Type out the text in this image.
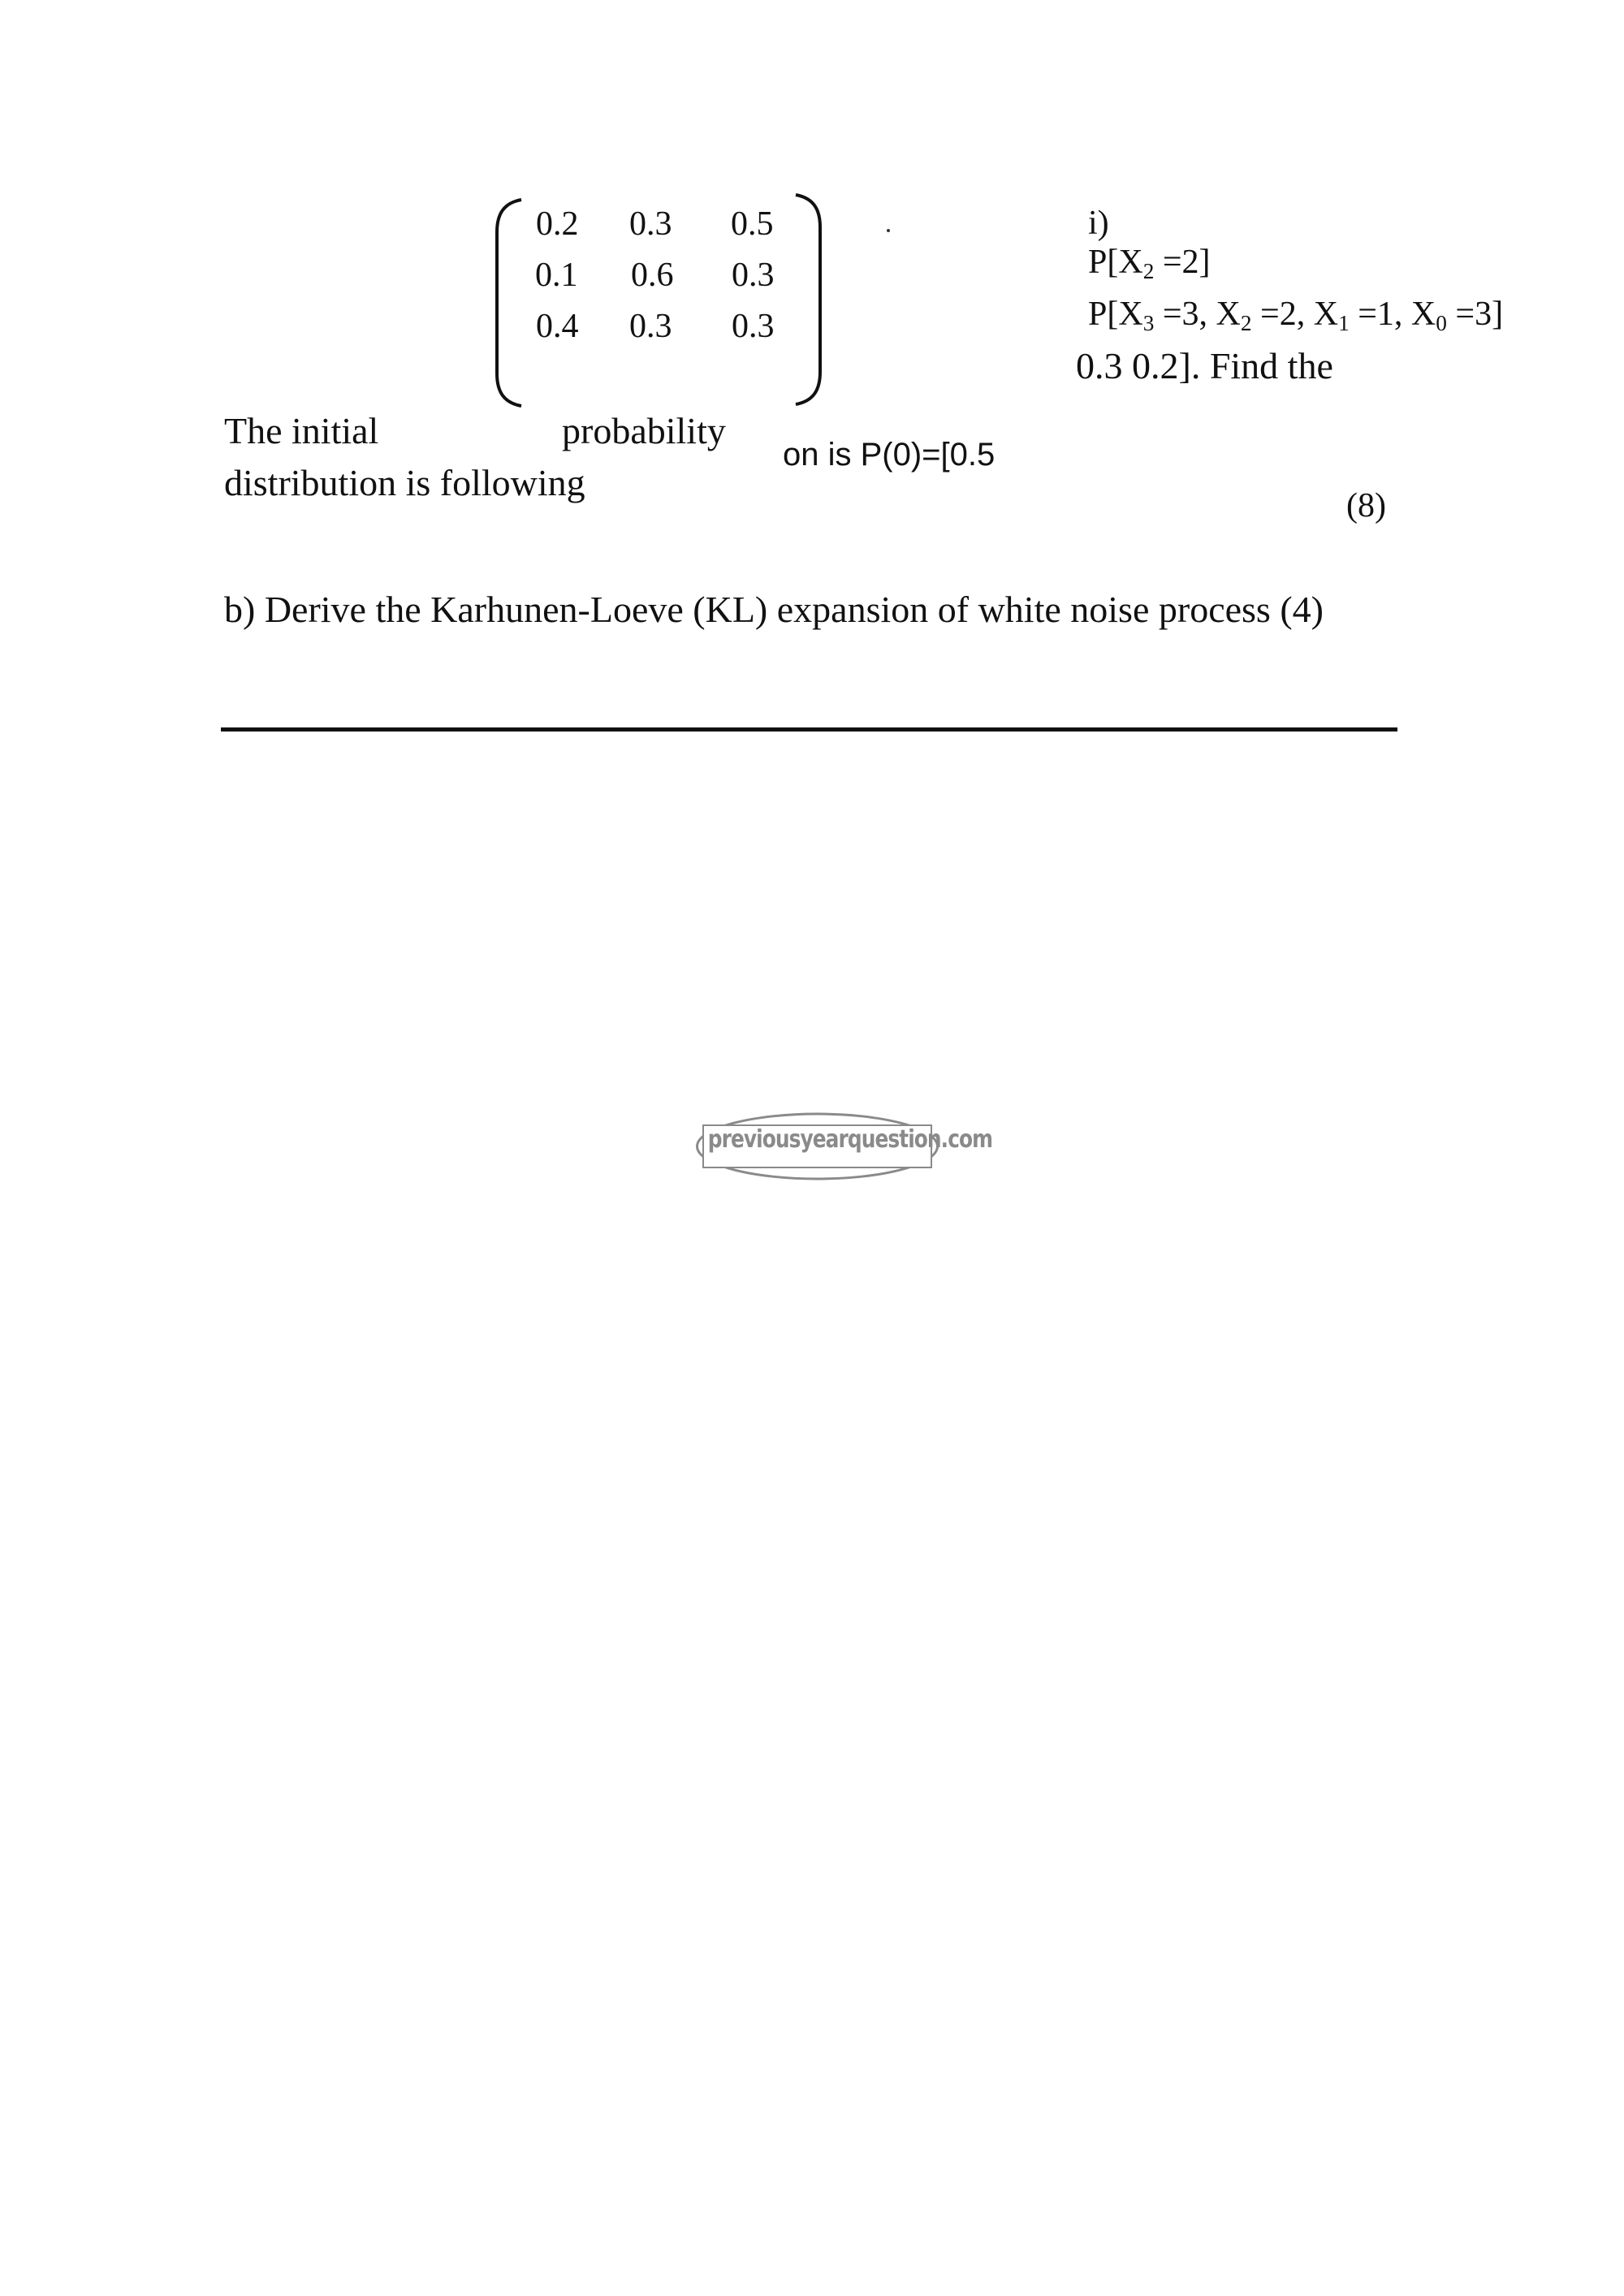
0.2 0.3 0.5
0.1 0.6 0.3
0.4 0.3 0.3
i)
$P[X_2 =2]$
$P[X_3 =3$, $X_2 =2$, $X_1 =1$, $X_0 =3$]
0.3 0.2]. Find the
The initial	probability
on is P(0)=[0.5
distribution is following
(8)
b) Derive the Karhunen-Loeve (KL) expansion of white noise process (4)
previousyearquestion.com
